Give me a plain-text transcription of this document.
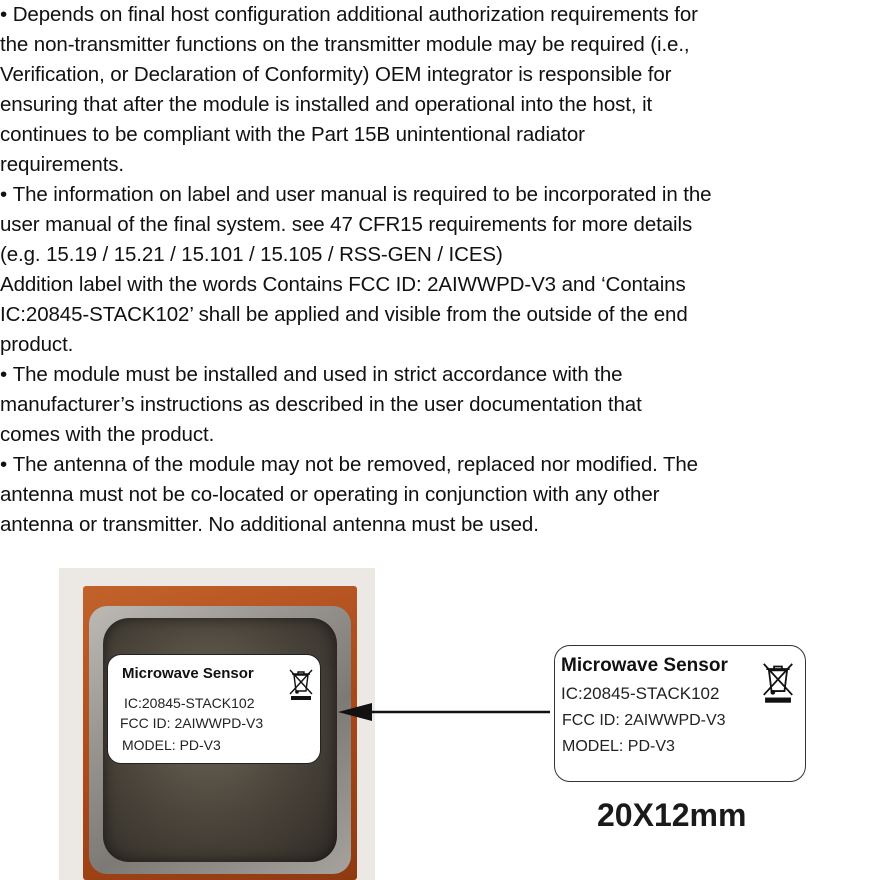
• Depends on final host configuration additional authorization requirements for

the non-transmitter functions on the transmitter module may be required (i.e.,

Verification, or Declaration of Conformity) OEM integrator is responsible for

ensuring that after the module is installed and operational into the host, it

continues to be compliant with the Part 15B unintentional radiator

requirements.

• The information on label and user manual is required to be incorporated in the

user manual of the final system. see 47 CFR15 requirements for more details

(e.g. 15.19 / 15.21 / 15.101 / 15.105 / RSS-GEN / ICES)

Addition label with the words Contains FCC ID: 2AIWWPD-V3 and ‘Contains

IC:20845-STACK102’ shall be applied and visible from the outside of the end

product.

• The module must be installed and used in strict accordance with the

manufacturer’s instructions as described in the user documentation that

comes with the product.

• The antenna of the module may not be removed, replaced nor modified. The

antenna must not be co-located or operating in conjunction with any other

antenna or transmitter. No additional antenna must be used.

Microwave Sensor
IC:20845-STACK102
FCC ID: 2AIWWPD-V3
MODEL: PD-V3
Microwave Sensor
IC:20845-STACK102
FCC ID: 2AIWWPD-V3
MODEL: PD-V3
20X12mm
